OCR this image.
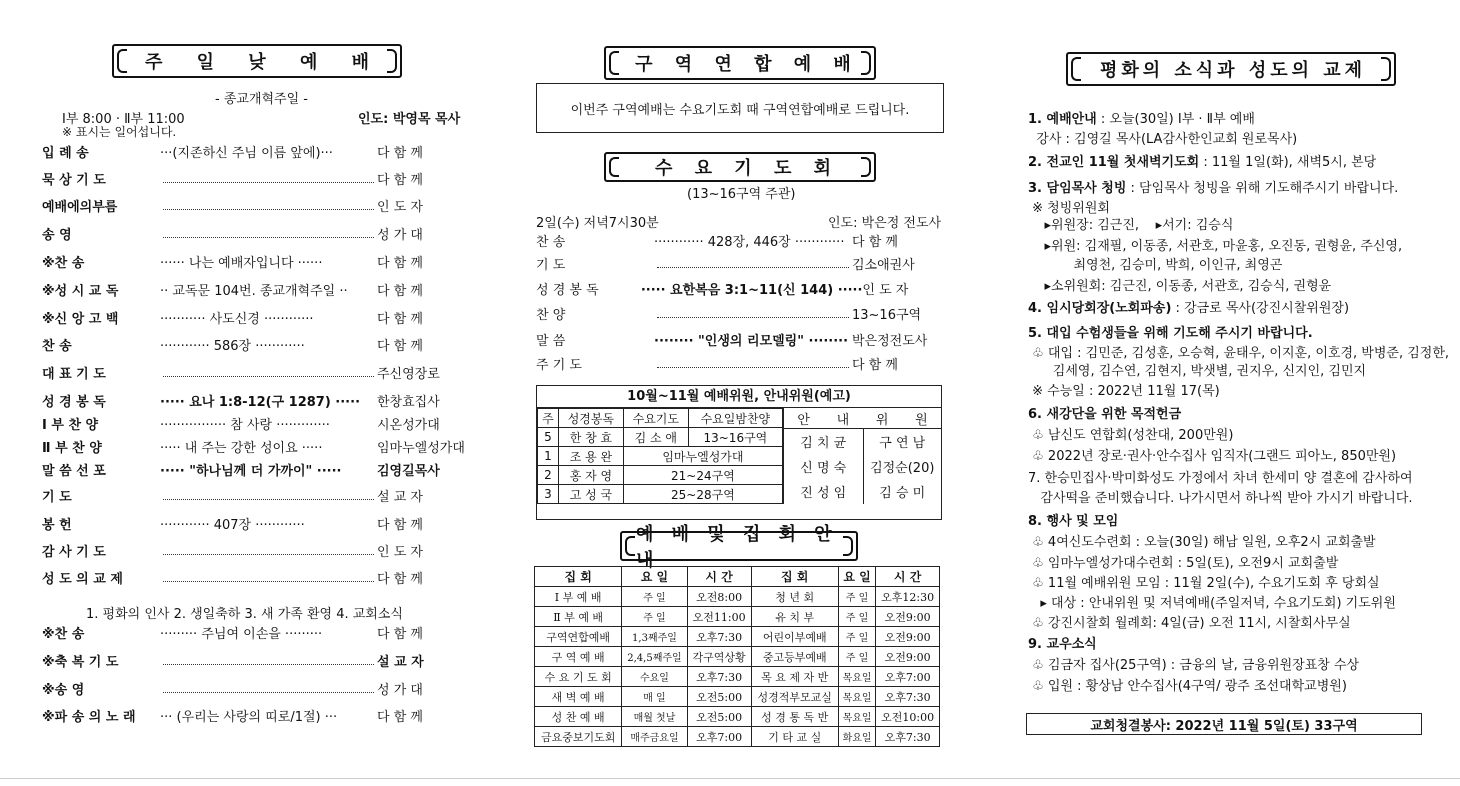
주 일 낮 예 배
- 종교개혁주일 -
Ⅰ부 8:00 · Ⅱ부 11:00	인도: 박영목 목사
※ 표시는 일어섭니다.
입 례 송	···(지존하신 주님 이름 앞에)···	다 함 께
묵 상 기 도	다 함 께
예배에의부름	인 도 자
송 영	성 가 대
※찬 송	······ 나는 예배자입니다 ······	다 함 께
※성 시 교 독	·· 교독문 104번. 종교개혁주일 ·· 다 함 께
※신 앙 고 백	··········· 사도신경 ············	다 함 께
찬 송	············ 586장 ············	다 함 께
대 표 기 도	주신영장로
성 경 봉 독	····· 요나 1:8-12(구 1287) ····· 한창효집사
Ⅰ 부 찬 양	················ 참 사랑 ·············	시온성가대
Ⅱ 부 찬 양	····· 내 주는 강한 성이요 ·····	임마누엘성가대
말 씀 선 포	····· "하나님께 더 가까이" ·····	김영길목사
기 도	설 교 자
봉 헌	············ 407장 ············	다 함 께
감 사 기 도	인 도 자
성 도 의 교 제	다 함 께
※찬 송	········· 주님여 이손을 ·········	다 함 께
※축 복 기 도	설 교 자
※송 영	성 가 대
※파 송 의 노 래	··· (우리는 사랑의 띠로/1절) ···	다 함 께
1. 평화의 인사 2. 생일축하 3. 새 가족 환영 4. 교회소식
구 역 연 합 예 배
이번주 구역예배는 수요기도회 때 구역연합예배로 드립니다.
수 요 기 도 회
(13~16구역 주관)
2일(수) 저녁7시30분	인도: 박은정 전도사
찬 송	············ 428장, 446장 ············ 다 함 께
기 도	김소애권사
성 경 봉 독	····· 요한복음 3:1~11(신 144) ····· 인 도 자
찬 양	13~16구역
말 씀	········ "인생의 리모델링" ········ 박은정전도사
주 기 도	다 함 께
10월~11월 예배위원, 안내위원(예고)
주	성경봉독	수요기도	수요일밤찬양
5	한 창 효	김 소 애	13~16구역
1	조 용 완	임마누엘성가대	
2	홍 자 영	21~24구역	
3	고 성 국	25~28구역	
안 내 위 원
김 치 균	구 연 남
신 명 숙	김정순(20)
진 성 임	김 승 미
예 배 및 집 회 안 내
집 회	요 일	시 간	집 회	요 일	시 간
Ⅰ 부 예 배	주 일	오전8:00	청 년 회	주 일	오후12:30
Ⅱ 부 예 배	주 일	오전11:00	유 치 부	주 일	오전9:00
구역연합예배	1,3째주일	오후7:30	어린이부예배	주 일	오전9:00
구 역 예 배	2,4,5째주일	각구역상황	중고등부예배	주 일	오전9:00
수 요 기 도 회	수요일	오후7:30	목 요 제 자 반	목요일	오후7:00
새 벽 예 배	매 일	오전5:00	성경적부모교실	목요일	오후7:30
성 찬 예 배	매월 첫날	오전5:00	성 경 통 독 반	목요일	오전10:00
금요중보기도회	매주금요일	오후7:00	기 타 교 실	화요일	오후7:30
평화의 소식과 성도의 교제
1. 예배안내 : 오늘(30일) Ⅰ부 · Ⅱ부 예배
강사 : 김영길 목사(LA감사한인교회 원로목사)
2. 전교인 11월 첫새벽기도회 : 11월 1일(화), 새벽5시, 본당
3. 담임목사 청빙 : 담임목사 청빙을 위해 기도해주시기 바랍니다.
※ 청빙위원회
▸위원장: 김근진,    ▸서기: 김승식
▸위원: 김재필, 이동종, 서관호, 마윤홍, 오진동, 권형윤, 주신영,
최영천, 김승미, 박희, 이인규, 최영곤
▸소위원회: 김근진, 이동종, 서관호, 김승식, 권형윤
4. 임시당회장(노회파송) : 강금로 목사(강진시찰위원장)
5. 대입 수험생들을 위해 기도해 주시기 바랍니다.
♧ 대입 : 김민준, 김성훈, 오승혁, 윤태우, 이지훈, 이호경, 박병준, 김정한,
김세영, 김수연, 김현지, 박샛별, 권지우, 신지인, 김민지
※ 수능일 : 2022년 11월 17(목)
6. 새강단을 위한 목적헌금
♧ 남신도 연합회(성찬대, 200만원)
♧ 2022년 장로·권사·안수집사 임직자(그랜드 피아노, 850만원)
7. 한승민집사·박미화성도 가정에서 차녀 한세미 양 결혼에 감사하여
감사떡을 준비했습니다. 나가시면서 하나씩 받아 가시기 바랍니다.
8. 행사 및 모임
♧ 4여신도수련회 : 오늘(30일) 해남 일원, 오후2시 교회출발
♧ 임마누엘성가대수련회 : 5일(토), 오전9시 교회출발
♧ 11월 예배위원 모임 : 11월 2일(수), 수요기도회 후 당회실
▸ 대상 : 안내위원 및 저녁예배(주일저녁, 수요기도회) 기도위원
♧ 강진시찰회 월례회: 4일(금) 오전 11시, 시찰회사무실
9. 교우소식
♧ 김금자 집사(25구역) : 금융의 날, 금융위원장표창 수상
♧ 입원 : 황상남 안수집사(4구역/ 광주 조선대학교병원)
교회청결봉사: 2022년 11월 5일(토) 33구역
